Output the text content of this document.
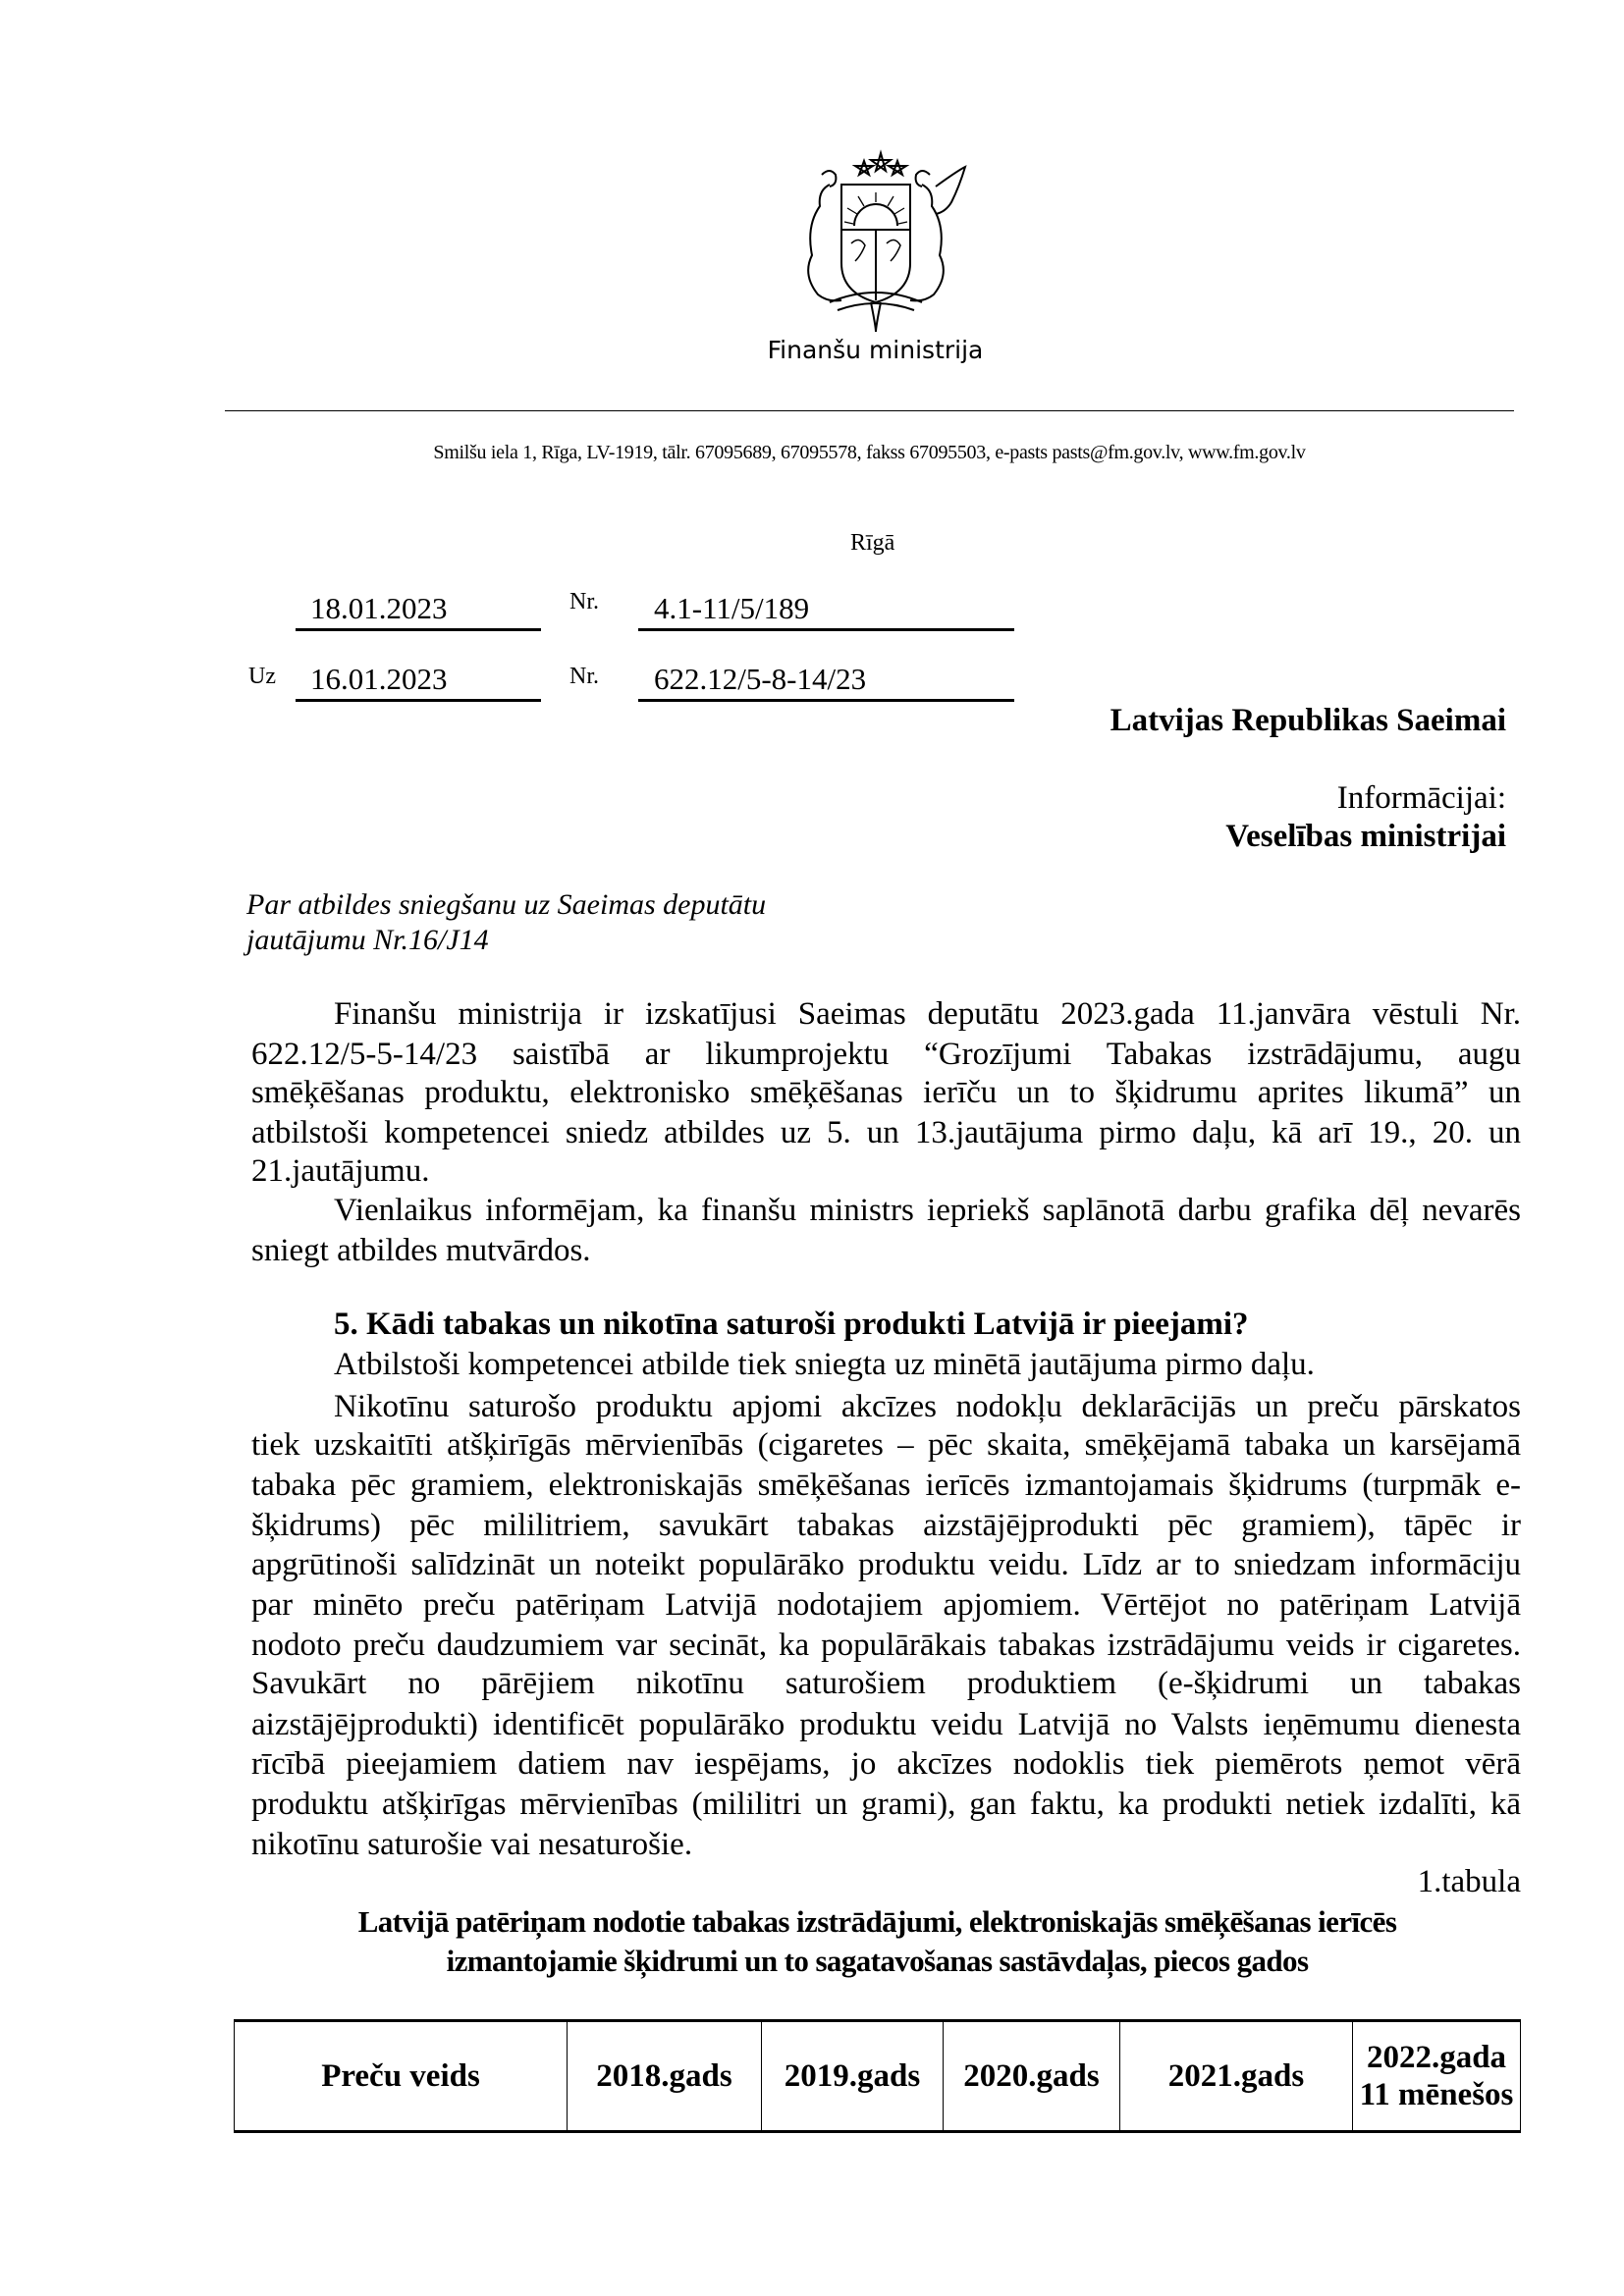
Finanšu ministrija
Smilšu iela 1, Rīga, LV-1919, tālr. 67095689, 67095578, fakss 67095503, e-pasts pasts@fm.gov.lv, www.fm.gov.lv
Rīgā
18.01.2023	Nr. 4.1-11/5/189
Uz 16.01.2023	Nr. 622.12/5-8-14/23
Latvijas Republikas Saeimai
Informācijai:
Veselības ministrijai
Par atbildes sniegšanu uz Saeimas deputātu
jautājumu Nr.16/J14
Finanšu ministrija ir izskatījusi Saeimas deputātu 2023.gada 11.janvāra vēstuli Nr.
622.12/5-5-14/23 saistībā ar likumprojektu “Grozījumi Tabakas izstrādājumu, augu
smēķēšanas produktu, elektronisko smēķēšanas ierīču un to šķidrumu aprites likumā” un
atbilstoši kompetencei sniedz atbildes uz 5. un 13.jautājuma pirmo daļu, kā arī 19., 20. un
21.jautājumu.
Vienlaikus informējam, ka finanšu ministrs iepriekš saplānotā darbu grafika dēļ nevarēs
sniegt atbildes mutvārdos.
5. Kādi tabakas un nikotīna saturoši produkti Latvijā ir pieejami?
Atbilstoši kompetencei atbilde tiek sniegta uz minētā jautājuma pirmo daļu.
Nikotīnu saturošo produktu apjomi akcīzes nodokļu deklarācijās un preču pārskatos
tiek uzskaitīti atšķirīgās mērvienībās (cigaretes – pēc skaita, smēķējamā tabaka un karsējamā
tabaka pēc gramiem, elektroniskajās smēķēšanas ierīcēs izmantojamais šķidrums (turpmāk e-
šķidrums) pēc mililitriem, savukārt tabakas aizstājējprodukti pēc gramiem), tāpēc ir
apgrūtinoši salīdzināt un noteikt populārāko produktu veidu. Līdz ar to sniedzam informāciju
par minēto preču patēriņam Latvijā nodotajiem apjomiem. Vērtējot no patēriņam Latvijā
nodoto preču daudzumiem var secināt, ka populārākais tabakas izstrādājumu veids ir cigaretes.
Savukārt no pārējiem nikotīnu saturošiem produktiem (e-šķidrumi un tabakas
aizstājējprodukti) identificēt populārāko produktu veidu Latvijā no Valsts ieņēmumu dienesta
rīcībā pieejamiem datiem nav iespējams, jo akcīzes nodoklis tiek piemērots ņemot vērā
produktu atšķirīgas mērvienības (mililitri un grami), gan faktu, ka produkti netiek izdalīti, kā
nikotīnu saturošie vai nesaturošie.
1.tabula
Latvijā patēriņam nodotie tabakas izstrādājumi, elektroniskajās smēķēšanas ierīcēs
izmantojamie šķidrumi un to sagatavošanas sastāvdaļas, piecos gados
Preču veids	2018.gads	2019.gads	2020.gads	2021.gads	2022.gada 11 mēnešos
